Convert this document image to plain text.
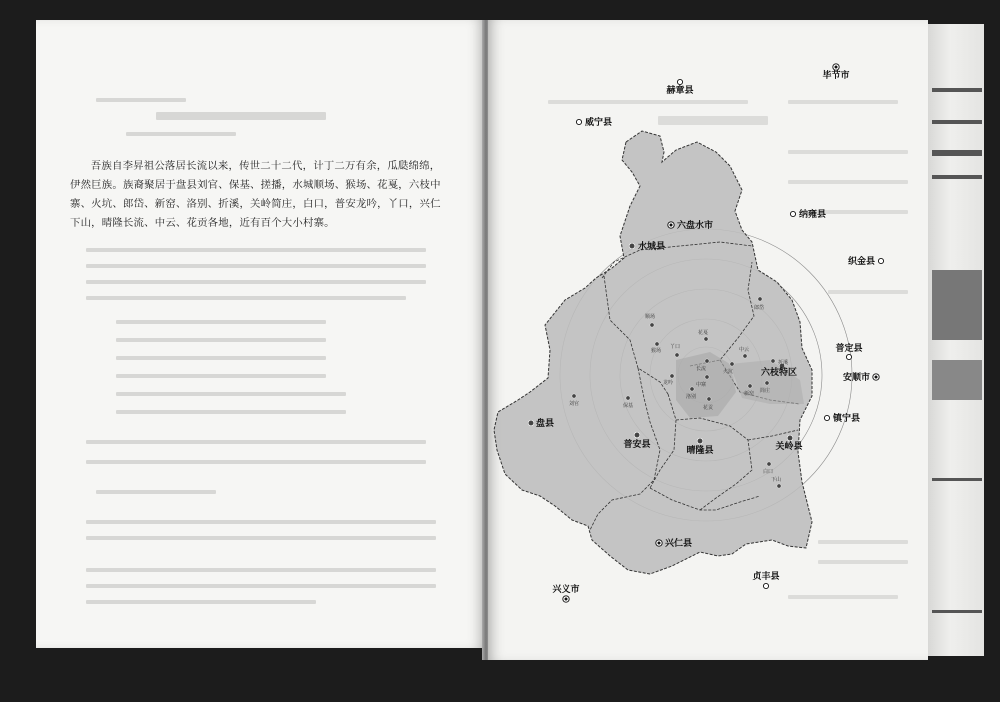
吾族自李昇祖公落居长流以来，传世二十二代，计丁二万有余，瓜瓞绵绵，伊然巨族。族裔聚居于盘县刘官、保基、搓播，水城顺场、猴场、花戛，六枝中寨、火坑、郎岱、新窑、洛别、折溪，关岭简庄，白口，普安龙吟，丫口，兴仁下山，晴隆长流、中云、花贡各地，近有百个大小村寨。

毕节市
赫章县
威宁县
纳雍县
织金县
普定县
安顺市
镇宁县
贞丰县
兴义市
六盘水市
水城县
六枝特区
盘县
普安县
晴隆县	关岭县
兴仁县
顺场
猴场
花戛
郎岱
刘官	保基
丫口
龙吟
长流
中寨
火坑
中云
花贡
洛别
折溪
新窑 简庄
白口
下山
